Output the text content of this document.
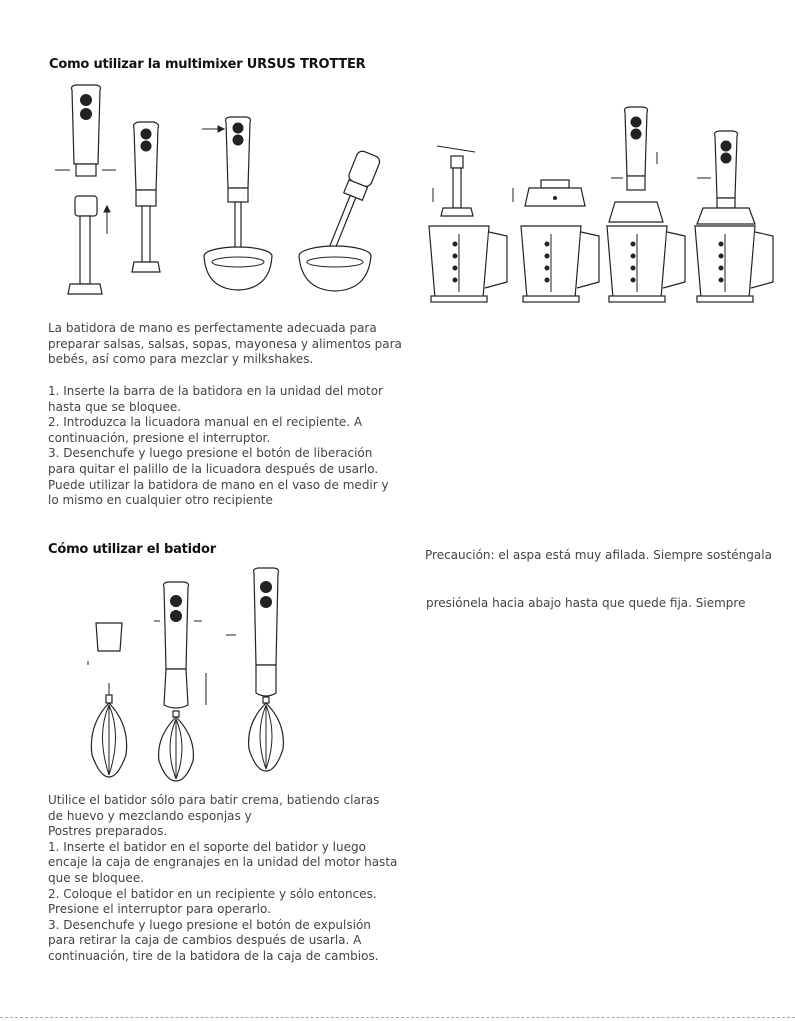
Como utilizar la multimixer URSUS TROTTER
La batidora de mano es perfectamente adecuada para
preparar salsas, salsas, sopas, mayonesa y alimentos para
bebés, así como para mezclar y milkshakes.
1. Inserte la barra de la batidora en la unidad del motor
hasta que se bloquee.
2. Introduzca la licuadora manual en el recipiente. A
continuación, presione el interruptor.
3. Desenchufe y luego presione el botón de liberación
para quitar el palillo de la licuadora después de usarlo.
Puede utilizar la batidora de mano en el vaso de medir y
lo mismo en cualquier otro recipiente
Cómo utilizar el batidor	Precaución: el aspa está muy afilada. Siempre sosténgala
presiónela hacia abajo hasta que quede fija. Siempre
Utilice el batidor sólo para batir crema, batiendo claras
de huevo y mezclando esponjas y
Postres preparados.
1. Inserte el batidor en el soporte del batidor y luego
encaje la caja de engranajes en la unidad del motor hasta
que se bloquee.
2. Coloque el batidor en un recipiente y sólo entonces.
Presione el interruptor para operarlo.
3. Desenchufe y luego presione el botón de expulsión
para retirar la caja de cambios después de usarla. A
continuación, tire de la batidora de la caja de cambios.
